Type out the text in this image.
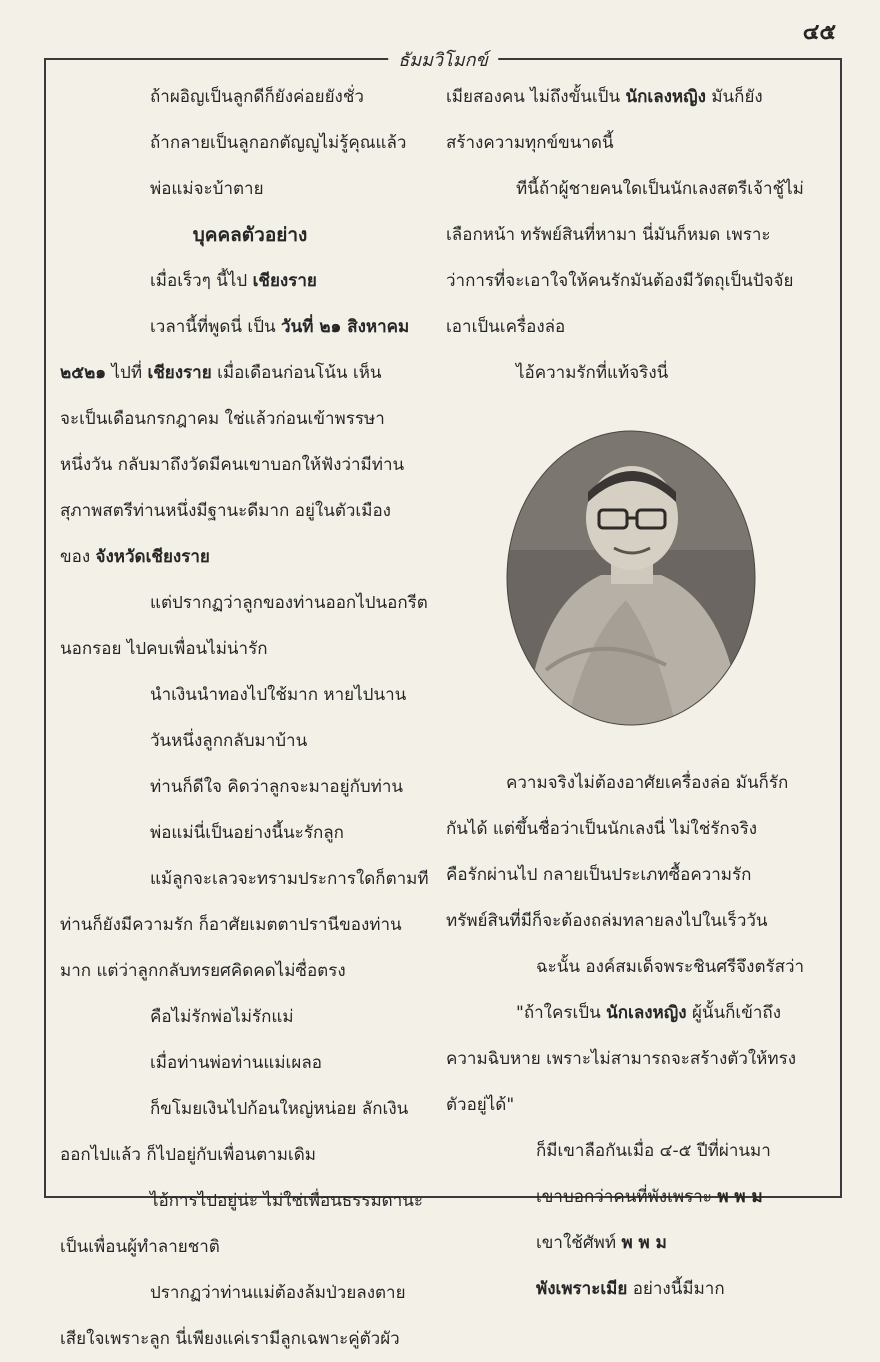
๔๕
ธัมมวิโมกข์
ถ้าผอิญเป็นลูกดีก็ยังค่อยยังชั่ว
ถ้ากลายเป็นลูกอกตัญญูไม่รู้คุณแล้ว
พ่อแม่จะบ้าตาย
บุคคลตัวอย่าง
เมื่อเร็วๆ นี้ไป เชียงราย
เวลานี้ที่พูดนี่ เป็น วันที่ ๒๑ สิงหาคม
๒๕๒๑ ไปที่ เชียงราย เมื่อเดือนก่อนโน้น เห็น
จะเป็นเดือนกรกฎาคม ใช่แล้วก่อนเข้าพรรษา
หนึ่งวัน กลับมาถึงวัดมีคนเขาบอกให้ฟังว่ามีท่าน
สุภาพสตรีท่านหนึ่งมีฐานะดีมาก อยู่ในตัวเมือง
ของ จังหวัดเชียงราย
แต่ปรากฏว่าลูกของท่านออกไปนอกรีต
นอกรอย ไปคบเพื่อนไม่น่ารัก
นำเงินนำทองไปใช้มาก หายไปนาน
วันหนึ่งลูกกลับมาบ้าน
ท่านก็ดีใจ คิดว่าลูกจะมาอยู่กับท่าน
พ่อแม่นี่เป็นอย่างนี้นะรักลูก
แม้ลูกจะเลวจะทรามประการใดก็ตามที
ท่านก็ยังมีความรัก ก็อาศัยเมตตาปรานีของท่าน
มาก แต่ว่าลูกกลับทรยศคิดคดไม่ซื่อตรง
คือไม่รักพ่อไม่รักแม่
เมื่อท่านพ่อท่านแม่เผลอ
ก็ขโมยเงินไปก้อนใหญ่หน่อย ลักเงิน
ออกไปแล้ว ก็ไปอยู่กับเพื่อนตามเดิม
ไอ้การไปอยู่น่ะ ไม่ใช่เพื่อนธรรมดานะ
เป็นเพื่อนผู้ทำลายชาติ
ปรากฏว่าท่านแม่ต้องล้มป่วยลงตาย
เสียใจเพราะลูก นี่เพียงแค่เรามีลูกเฉพาะคู่ตัวผัว
เมียสองคน ไม่ถึงขั้นเป็น นักเลงหญิง มันก็ยัง
สร้างความทุกข์ขนาดนี้
ทีนี้ถ้าผู้ชายคนใดเป็นนักเลงสตรีเจ้าชู้ไม่
เลือกหน้า ทรัพย์สินที่หามา นี่มันก็หมด เพราะ
ว่าการที่จะเอาใจให้คนรักมันต้องมีวัตถุเป็นปัจจัย
เอาเป็นเครื่องล่อ
ไอ้ความรักที่แท้จริงนี่
ความจริงไม่ต้องอาศัยเครื่องล่อ มันก็รัก
กันได้ แต่ขึ้นชื่อว่าเป็นนักเลงนี่ ไม่ใช่รักจริง
คือรักผ่านไป กลายเป็นประเภทซื้อความรัก
ทรัพย์สินที่มีก็จะต้องถล่มทลายลงไปในเร็ววัน
ฉะนั้น องค์สมเด็จพระชินศรีจึงตรัสว่า
"ถ้าใครเป็น นักเลงหญิง ผู้นั้นก็เข้าถึง
ความฉิบหาย เพราะไม่สามารถจะสร้างตัวให้ทรง
ตัวอยู่ได้"
ก็มีเขาลือกันเมื่อ ๔-๕ ปีที่ผ่านมา
เขาบอกว่าคนที่พังเพราะ พ พ ม
เขาใช้ศัพท์ พ พ ม
พังเพราะเมีย อย่างนี้มีมาก
